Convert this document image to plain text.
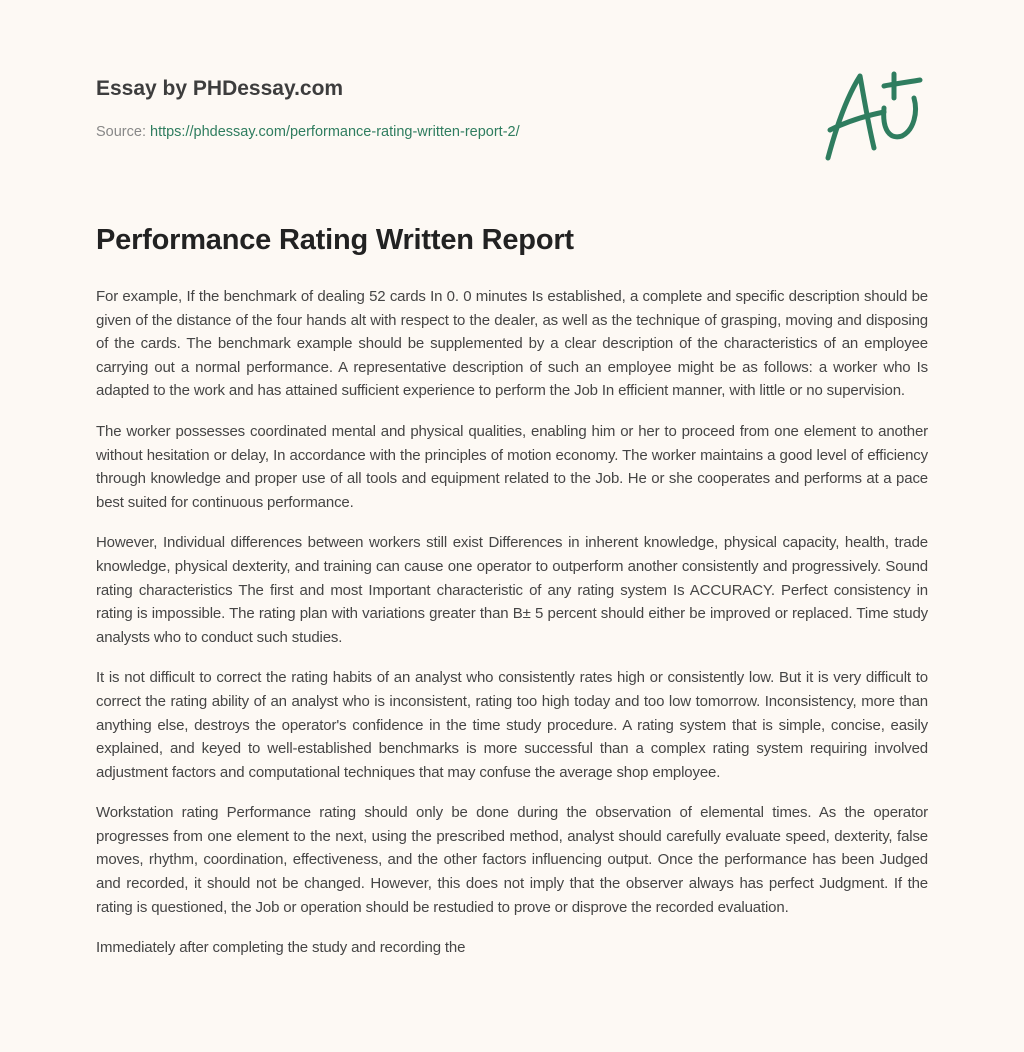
Essay by PHDessay.com
Source: https://phdessay.com/performance-rating-written-report-2/
Performance Rating Written Report

For example, If the benchmark of dealing 52 cards In 0. 0 minutes Is established, a complete and specific description should be given of the distance of the four hands alt with respect to the dealer, as well as the technique of grasping, moving and disposing of the cards. The benchmark example should be supplemented by a clear description of the characteristics of an employee carrying out a normal performance. A representative description of such an employee might be as follows: a worker who Is adapted to the work and has attained sufficient experience to perform the Job In efficient manner, with little or no supervision.

The worker possesses coordinated mental and physical qualities, enabling him or her to proceed from one element to another without hesitation or delay, In accordance with the principles of motion economy. The worker maintains a good level of efficiency through knowledge and proper use of all tools and equipment related to the Job. He or she cooperates and performs at a pace best suited for continuous performance.

However, Individual differences between workers still exist Differences in inherent knowledge, physical capacity, health, trade knowledge, physical dexterity, and training can cause one operator to outperform another consistently and progressively. Sound rating characteristics The first and most Important characteristic of any rating system Is ACCURACY. Perfect consistency in rating is impossible. The rating plan with variations greater than B± 5 percent should either be improved or replaced. Time study analysts who to conduct such studies.

It is not difficult to correct the rating habits of an analyst who consistently rates high or consistently low. But it is very difficult to correct the rating ability of an analyst who is inconsistent, rating too high today and too low tomorrow. Inconsistency, more than anything else, destroys the operator's confidence in the time study procedure. A rating system that is simple, concise, easily explained, and keyed to well-established benchmarks is more successful than a complex rating system requiring involved adjustment factors and computational techniques that may confuse the average shop employee.

Workstation rating Performance rating should only be done during the observation of elemental times. As the operator progresses from one element to the next, using the prescribed method, analyst should carefully evaluate speed, dexterity, false moves, rhythm, coordination, effectiveness, and the other factors influencing output. Once the performance has been Judged and recorded, it should not be changed. However, this does not imply that the observer always has perfect Judgment. If the rating is questioned, the Job or operation should be restudied to prove or disprove the recorded evaluation.

Immediately after completing the study and recording the
